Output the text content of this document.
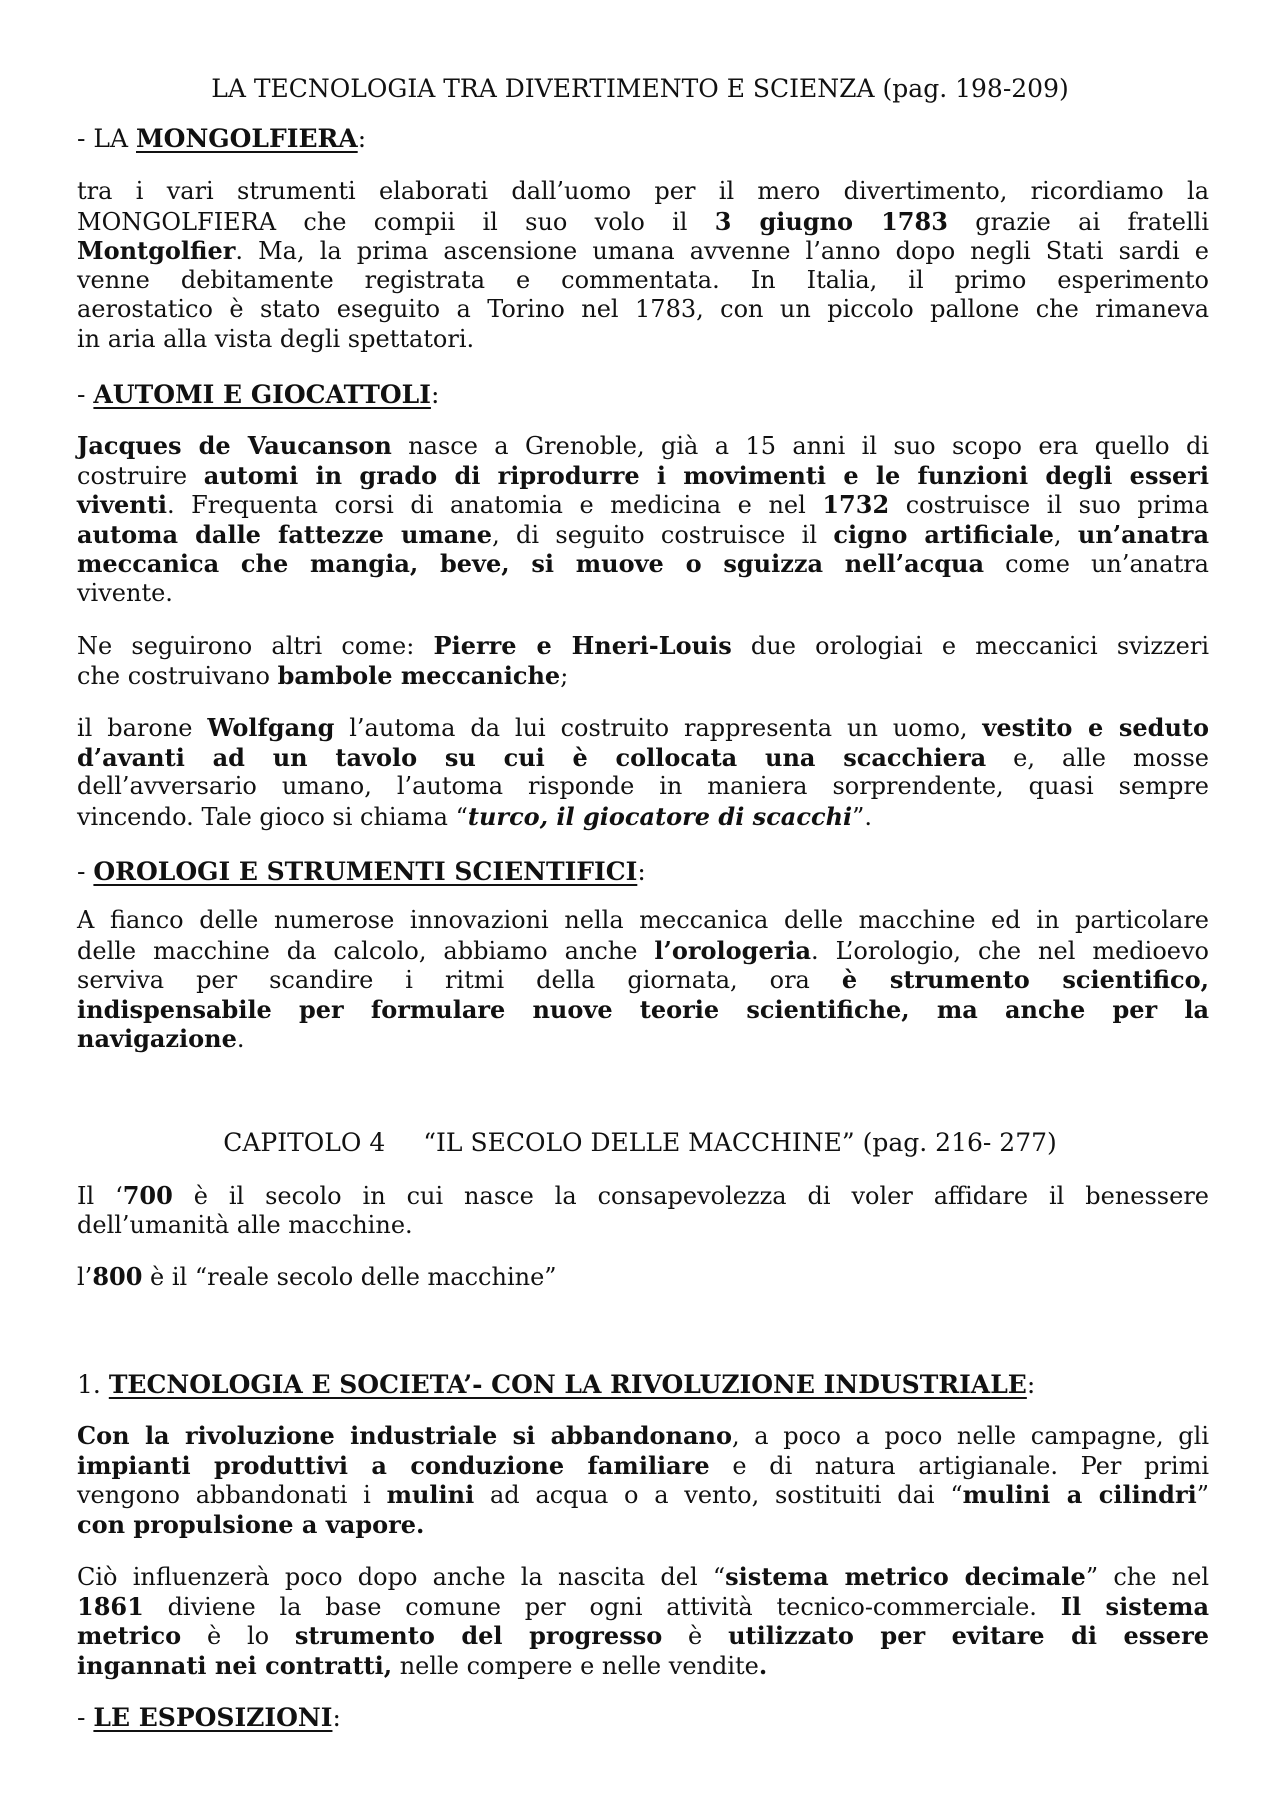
LA TECNOLOGIA TRA DIVERTIMENTO E SCIENZA (pag. 198-209)
- LA MONGOLFIERA:
tra i vari strumenti elaborati dall’uomo per il mero divertimento, ricordiamo la
MONGOLFIERA che compii il suo volo il 3 giugno 1783 grazie ai fratelli
Montgolfier. Ma, la prima ascensione umana avvenne l’anno dopo negli Stati sardi e
venne debitamente registrata e commentata. In Italia, il primo esperimento
aerostatico è stato eseguito a Torino nel 1783, con un piccolo pallone che rimaneva
in aria alla vista degli spettatori.
- AUTOMI E GIOCATTOLI:
Jacques de Vaucanson nasce a Grenoble, già a 15 anni il suo scopo era quello di
costruire automi in grado di riprodurre i movimenti e le funzioni degli esseri
viventi. Frequenta corsi di anatomia e medicina e nel 1732 costruisce il suo prima
automa dalle fattezze umane, di seguito costruisce il cigno artificiale, un’anatra
meccanica che mangia, beve, si muove o sguizza nell’acqua come un’anatra
vivente.
Ne seguirono altri come: Pierre e Hneri-Louis due orologiai e meccanici svizzeri
che costruivano bambole meccaniche;
il barone Wolfgang l’automa da lui costruito rappresenta un uomo, vestito e seduto
d’avanti ad un tavolo su cui è collocata una scacchiera e, alle mosse
dell’avversario umano, l’automa risponde in maniera sorprendente, quasi sempre
vincendo. Tale gioco si chiama “turco, il giocatore di scacchi”.
- OROLOGI E STRUMENTI SCIENTIFICI:
A fianco delle numerose innovazioni nella meccanica delle macchine ed in particolare
delle macchine da calcolo, abbiamo anche l’orologeria. L’orologio, che nel medioevo
serviva per scandire i ritmi della giornata, ora è strumento scientifico,
indispensabile per formulare nuove teorie scientifiche, ma anche per la
navigazione.
CAPITOLO 4 “IL SECOLO DELLE MACCHINE” (pag. 216- 277)
Il ‘700 è il secolo in cui nasce la consapevolezza di voler affidare il benessere
dell’umanità alle macchine.
l’800 è il “reale secolo delle macchine”
1. TECNOLOGIA E SOCIETA’- CON LA RIVOLUZIONE INDUSTRIALE:
Con la rivoluzione industriale si abbandonano, a poco a poco nelle campagne, gli
impianti produttivi a conduzione familiare e di natura artigianale. Per primi
vengono abbandonati i mulini ad acqua o a vento, sostituiti dai “mulini a cilindri”
con propulsione a vapore.
Ciò influenzerà poco dopo anche la nascita del “sistema metrico decimale” che nel
1861 diviene la base comune per ogni attività tecnico-commerciale. Il sistema
metrico è lo strumento del progresso è utilizzato per evitare di essere
ingannati nei contratti, nelle compere e nelle vendite.
- LE ESPOSIZIONI:
